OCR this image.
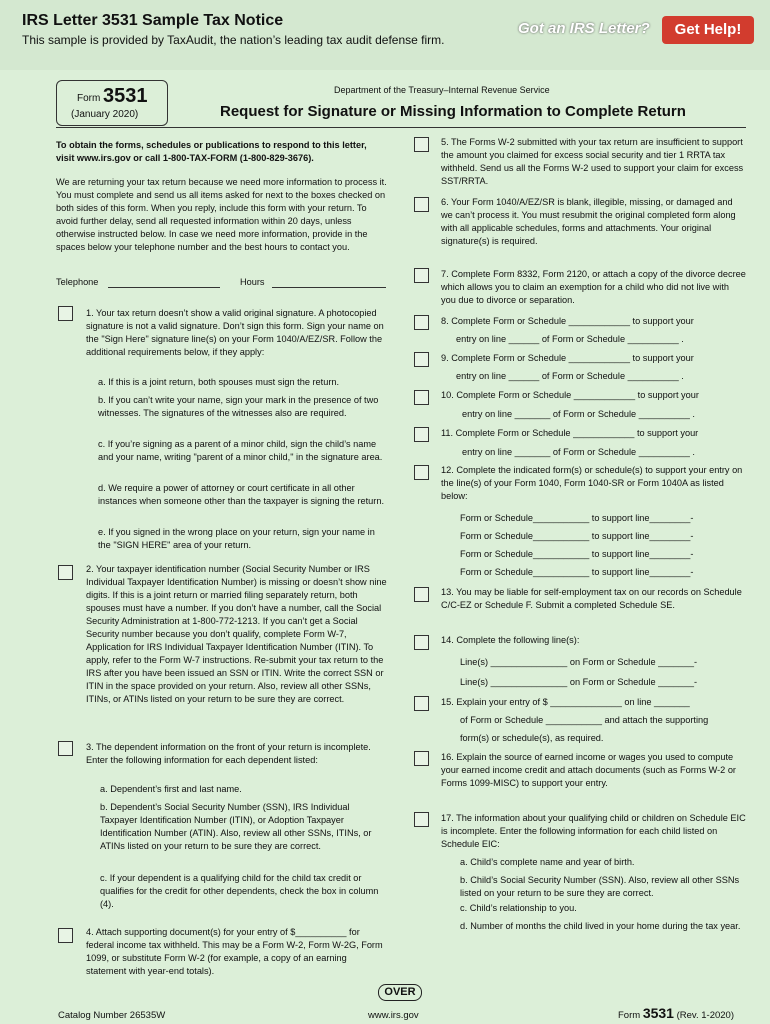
IRS Letter 3531 Sample Tax Notice
This sample is provided by TaxAudit, the nation’s leading tax audit defense firm.
Got an IRS Letter?	Get Help!
Form 3531
(January 2020)
Department of the Treasury–Internal Revenue Service
Request for Signature or Missing Information to Complete Return
To obtain the forms, schedules or publications to respond to this letter, visit www.irs.gov or call 1-800-TAX-FORM (1-800-829-3676).
We are returning your tax return because we need more information to process it. You must complete and send us all items asked for next to the boxes checked on both sides of this form. When you reply, include this form with your return. To avoid further delay, send all requested information within 20 days, unless otherwise instructed below. In case we need more information, provide in the spaces below your telephone number and the best hours to contact you.
Telephone	Hours
1. Your tax return doesn’t show a valid original signature. A photocopied signature is not a valid signature. Don’t sign this form. Sign your name on the "Sign Here" signature line(s) on your Form 1040/A/EZ/SR. Follow the additional requirements below, if they apply:
a. If this is a joint return, both spouses must sign the return.
b. If you can’t write your name, sign your mark in the presence of two witnesses. The signatures of the witnesses also are required.
c. If you’re signing as a parent of a minor child, sign the child’s name and your name, writing "parent of a minor child," in the signature area.
d. We require a power of attorney or court certificate in all other instances when someone other than the taxpayer is signing the return.
e. If you signed in the wrong place on your return, sign your name in the "SIGN HERE" area of your return.
2. Your taxpayer identification number (Social Security Number or IRS Individual Taxpayer Identification Number) is missing or doesn’t show nine digits. If this is a joint return or married filing separately return, both spouses must have a number. If you don’t have a number, call the Social Security Administration at 1-800-772-1213. If you can’t get a Social Security number because you don’t qualify, complete Form W-7, Application for IRS Individual Taxpayer Identification Number (ITIN). To apply, refer to the Form W-7 instructions. Re-submit your tax return to the IRS after you have been issued an SSN or ITIN. Write the correct SSN or ITIN in the space provided on your return. Also, review all other SSNs, ITINs, or ATINs listed on your return to be sure they are correct.
3. The dependent information on the front of your return is incomplete. Enter the following information for each dependent listed:
a. Dependent’s first and last name.
b. Dependent’s Social Security Number (SSN), IRS Individual Taxpayer Identification Number (ITIN), or Adoption Taxpayer Identification Number (ATIN). Also, review all other SSNs, ITINs, or ATINs listed on your return to be sure they are correct.
c. If your dependent is a qualifying child for the child tax credit or qualifies for the credit for other dependents, check the box in column (4).
4. Attach supporting document(s) for your entry of $__________ for federal income tax withheld. This may be a Form W-2, Form W-2G, Form 1099, or substitute Form W-2 (for example, a copy of an earning statement with year-end totals).
5. The Forms W-2 submitted with your tax return are insufficient to support the amount you claimed for excess social security and tier 1 RRTA tax withheld. Send us all the Forms W-2 used to support your claim for excess SST/RRTA.
6. Your Form 1040/A/EZ/SR is blank, illegible, missing, or damaged and we can’t process it. You must resubmit the original completed form along with all applicable schedules, forms and attachments. Your original signature(s) is required.
7. Complete Form 8332, Form 2120, or attach a copy of the divorce decree which allows you to claim an exemption for a child who did not live with you due to divorce or separation.
8. Complete Form or Schedule ____________ to support your
entry on line ______ of Form or Schedule __________ .
9. Complete Form or Schedule ____________ to support your
entry on line ______ of Form or Schedule __________ .
10. Complete Form or Schedule ____________ to support your
entry on line _______ of Form or Schedule __________ .
11. Complete Form or Schedule ____________ to support your
entry on line _______ of Form or Schedule __________ .
12. Complete the indicated form(s) or schedule(s) to support your entry on the line(s) of your Form 1040, Form 1040-SR or Form 1040A as listed below:
Form or Schedule___________ to support line________-
Form or Schedule___________ to support line________-
Form or Schedule___________ to support line________-
Form or Schedule___________ to support line________-
13. You may be liable for self-employment tax on our records on Schedule C/C-EZ or Schedule F. Submit a completed Schedule SE.
14. Complete the following line(s):
Line(s) _______________ on Form or Schedule _______-
Line(s) _______________ on Form or Schedule _______-
15. Explain your entry of $ ______________ on line _______
of Form or Schedule ___________ and attach the supporting
form(s) or schedule(s), as required.
16. Explain the source of earned income or wages you used to compute your earned income credit and attach documents (such as Forms W-2 or Forms 1099-MISC) to support your entry.
17. The information about your qualifying child or children on Schedule EIC is incomplete. Enter the following information for each child listed on Schedule EIC:
a. Child’s complete name and year of birth.
b. Child’s Social Security Number (SSN). Also, review all other SSNs listed on your return to be sure they are correct.
c. Child’s relationship to you.
d. Number of months the child lived in your home during the tax year.
OVER
Catalog Number 26535W	www.irs.gov	Form 3531 (Rev. 1-2020)
